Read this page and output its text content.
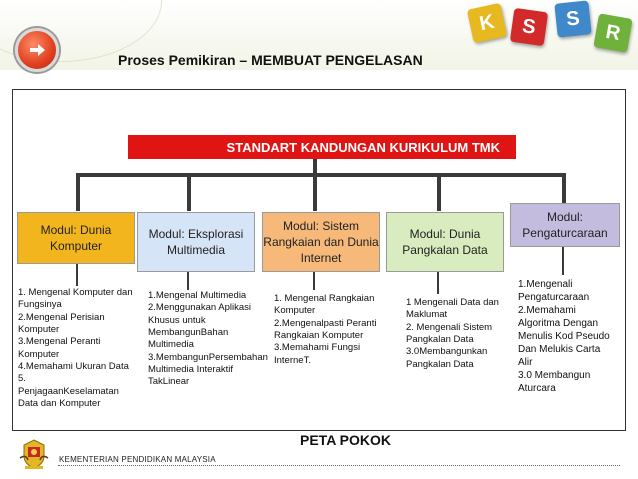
K S S
R
Proses Pemikiran – MEMBUAT PENGELASAN
STANDART KANDUNGAN KURIKULUM TMK
Modul: Dunia Komputer
Modul: Eksplorasi Multimedia
Modul: Sistem Rangkaian dan Dunia Internet
Modul: Dunia Pangkalan Data
Modul: Pengaturcaraan
1. Mengenal Komputer dan Fungsinya
2.Mengenal Perisian Komputer
3.Mengenal Peranti Komputer
4.Memahami Ukuran Data
5. PenjagaanKeselamatan Data dan Komputer
1.Mengenal Multimedia
2.Menggunakan Aplikasi Khusus untuk MembangunBahan Multimedia
3.MembangunPersembahan Multimedia Interaktif TakLinear
1. Mengenal Rangkaian Komputer
2.Mengenalpasti Peranti Rangkaian Komputer
3.Memahami Fungsi InterneT.
1 Mengenali Data dan Maklumat
2. Mengenali Sistem Pangkalan Data
3.0Membangunkan Pangkalan Data
1.Mengenali Pengaturcaraan
2.Memahami Algoritma Dengan Menulis Kod Pseudo Dan Melukis Carta Alir
3.0 Membangun Aturcara
PETA POKOK
KEMENTERIAN PENDIDIKAN MALAYSIA
